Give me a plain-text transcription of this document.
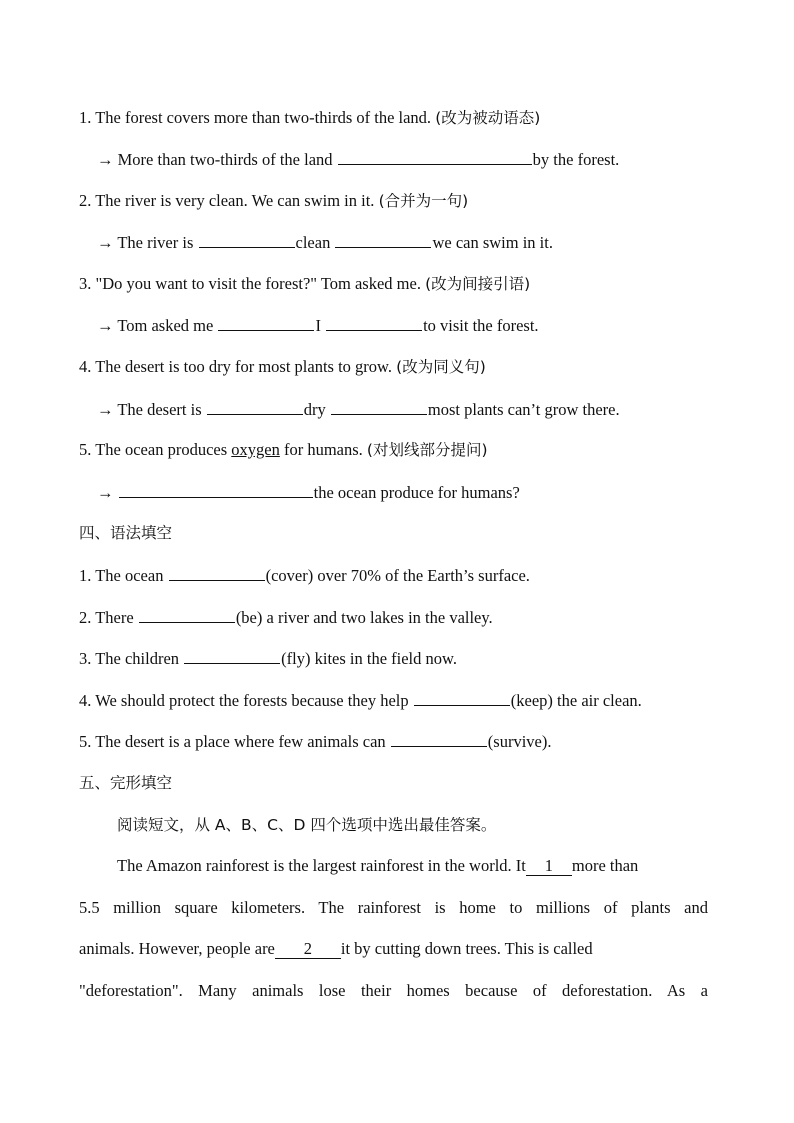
1. The forest covers more than two-thirds of the land. (改为被动语态)
→ More than two-thirds of the land	by the forest.
2. The river is very clean. We can swim in it. (合并为一句)
→ The river is	clean	we can swim in it.
3. "Do you want to visit the forest?" Tom asked me. (改为间接引语)
→ Tom asked me	I	to visit the forest.
4. The desert is too dry for most plants to grow. (改为同义句)
→ The desert is	dry	most plants can’t grow there.
5. The ocean produces oxygen for humans. (对划线部分提问)
→	the ocean produce for humans?
四、语法填空
1. The ocean	(cover) over 70% of the Earth’s surface.
2. There	(be) a river and two lakes in the valley.
3. The children	(fly) kites in the field now.
4. We should protect the forests because they help	(keep) the air clean.
5. The desert is a place where few animals can	(survive).
五、完形填空
阅读短文，从 A、B、C、D 四个选项中选出最佳答案。
The Amazon rainforest is the largest rainforest in the world. It 1 more than
5.5 million square kilometers. The rainforest is home to millions of plants and
animals. However, people are 2 it by cutting down trees. This is called
"deforestation". Many animals lose their homes because of deforestation. As a
